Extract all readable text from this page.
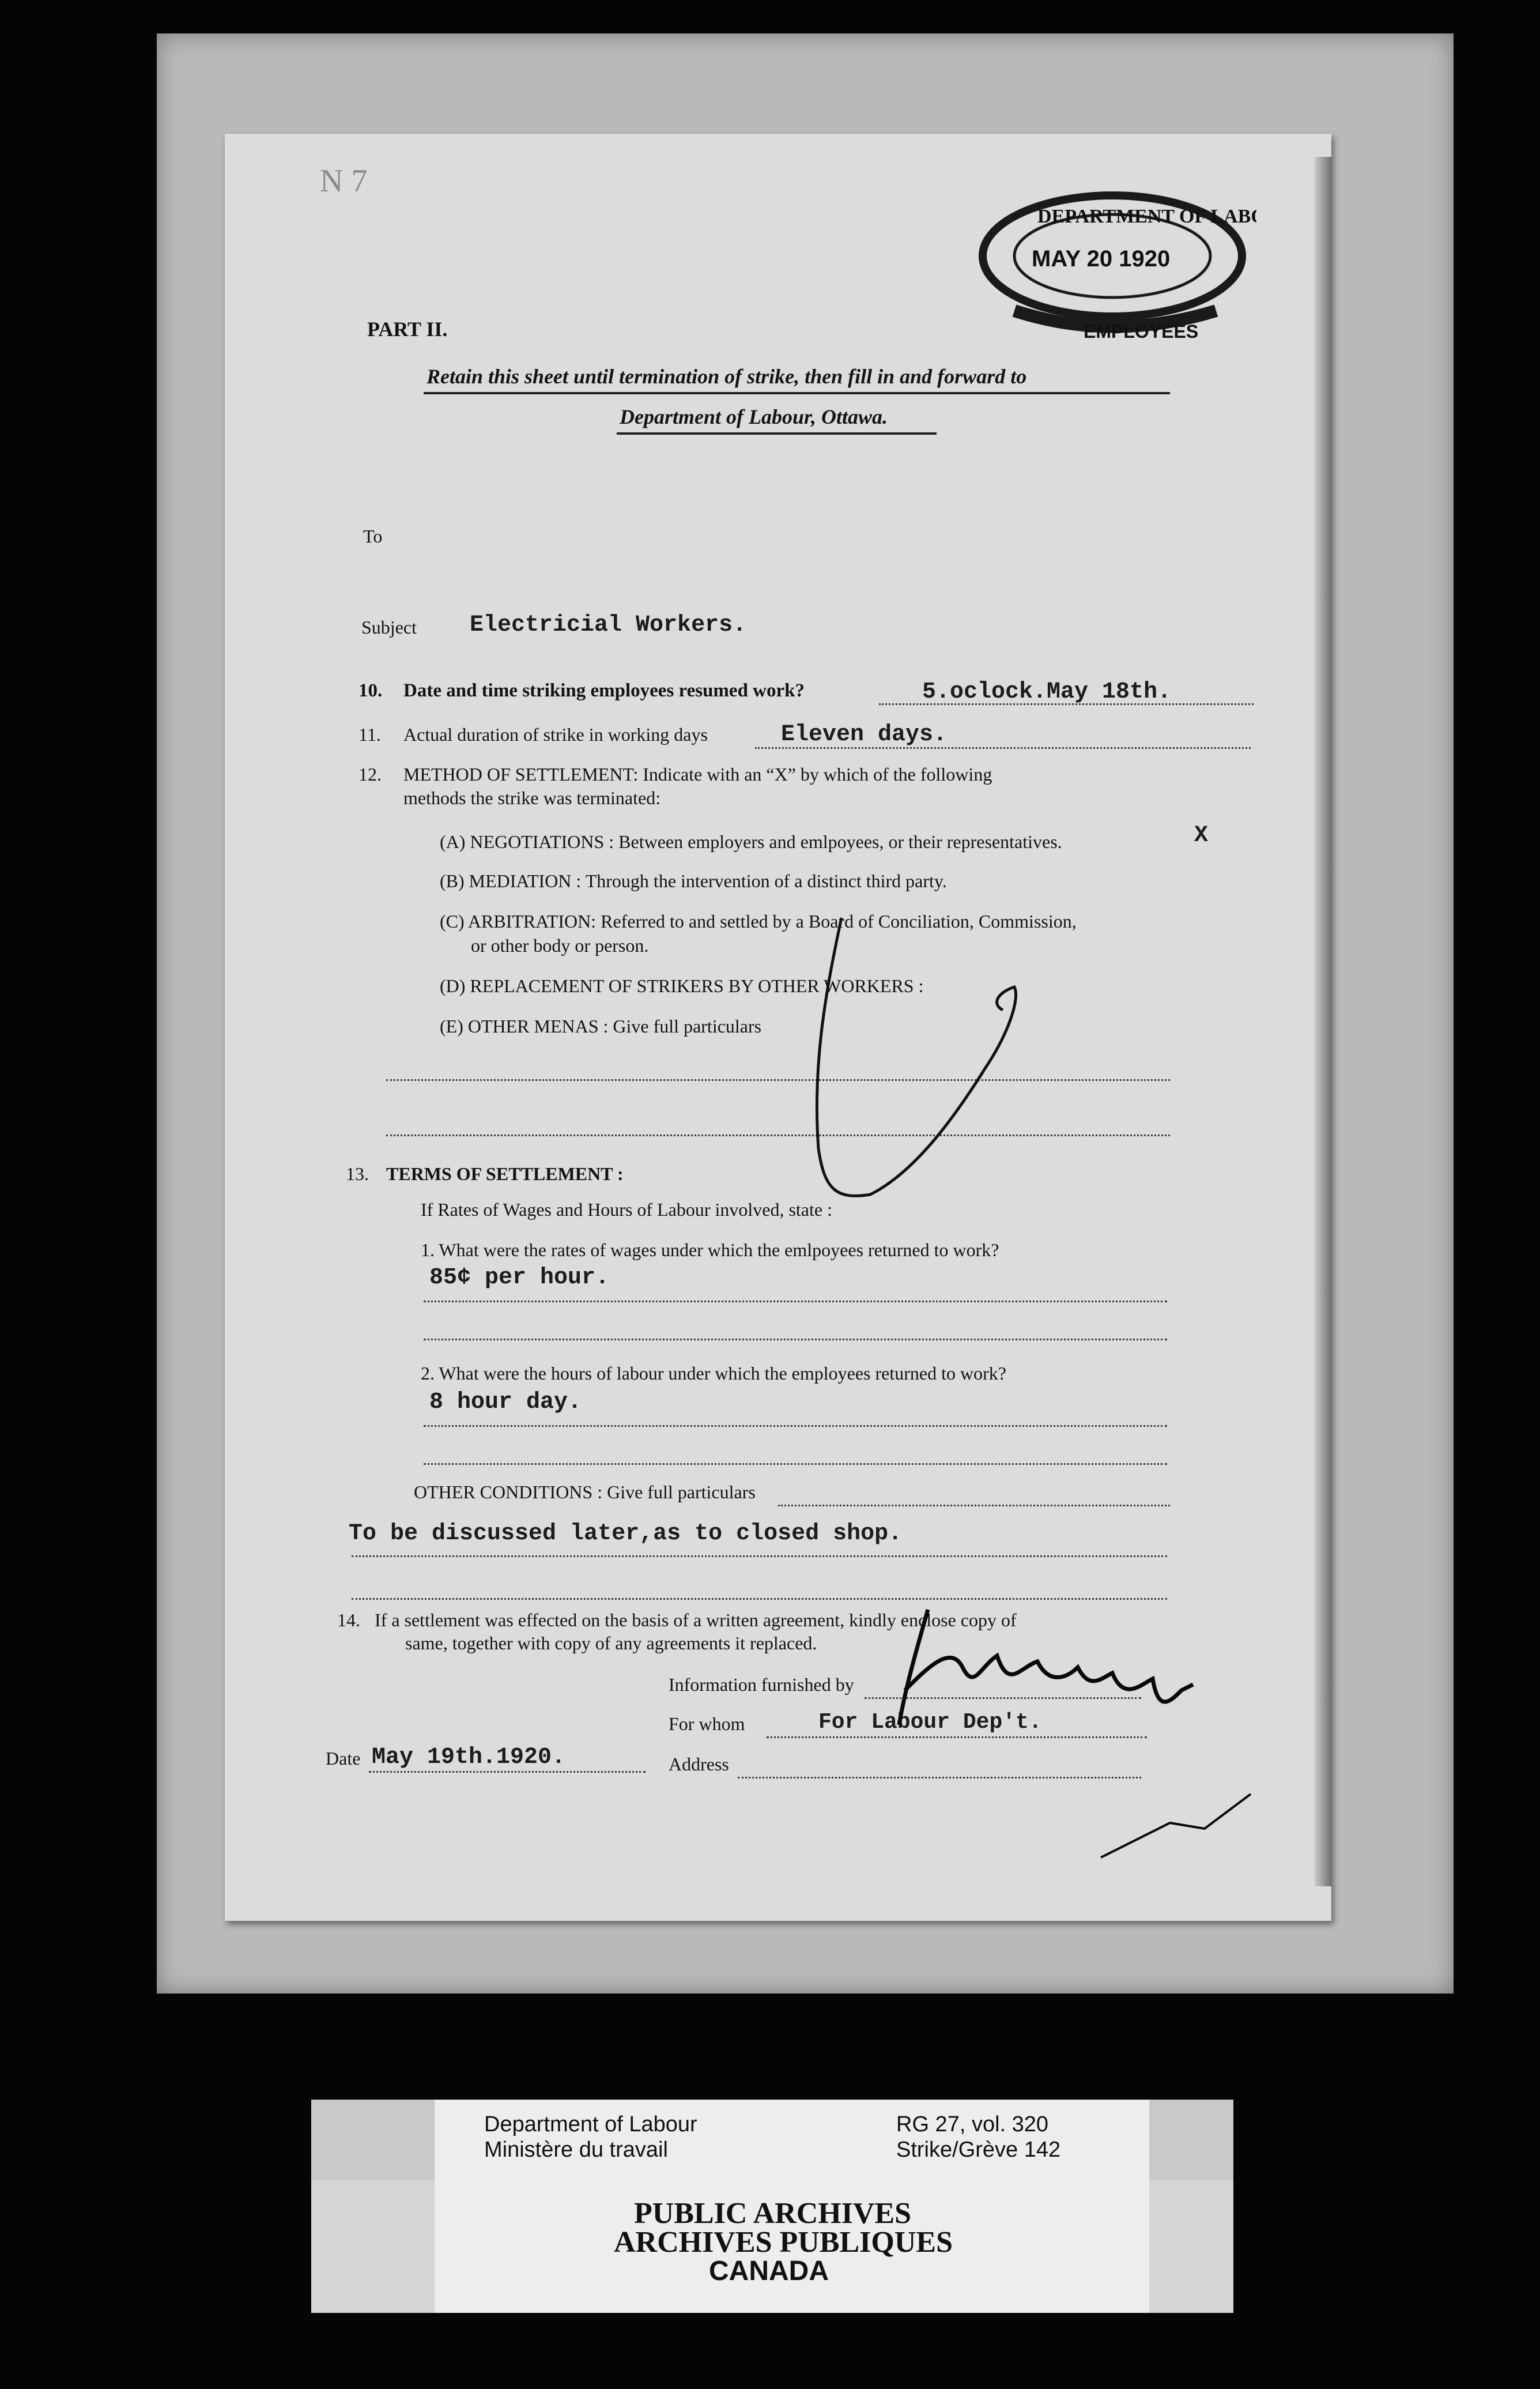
N 7
DEPARTMENT OF LABOR
MAY 20 1920
EMPLOYEES
PART II.
Retain this sheet until termination of strike, then fill in and forward to
Department of Labour, Ottawa.
To
Subject Electricial Workers.
10. Date and time striking employees resumed work?	5.oclock.May 18th.
11. Actual duration of strike in working days	Eleven days.
12. METHOD OF SETTLEMENT: Indicate with an “X” by which of the following
methods the strike was terminated:
(A) NEGOTIATIONS : Between employers and emlpoyees, or their representatives.	X
(B) MEDIATION : Through the intervention of a distinct third party.
(C) ARBITRATION: Referred to and settled by a Board of Conciliation, Commission,
or other body or person.
(D) REPLACEMENT OF STRIKERS BY OTHER WORKERS :
(E) OTHER MENAS : Give full particulars
13. TERMS OF SETTLEMENT :
If Rates of Wages and Hours of Labour involved, state :
1. What were the rates of wages under which the emlpoyees returned to work?
85¢ per hour.
2. What were the hours of labour under which the employees returned to work?
8 hour day.
OTHER CONDITIONS : Give full particulars
To be discussed later,as to closed shop.
14. If a settlement was effected on the basis of a written agreement, kindly enclose copy of
same, together with copy of any agreements it replaced.
Information furnished by
For whom	For Labour Dep't.
Date May 19th.1920.	Address
Department of Labour
Ministère du travail
RG 27, vol. 320
Strike/Grève 142
PUBLIC ARCHIVES
ARCHIVES PUBLIQUES
CANADA
